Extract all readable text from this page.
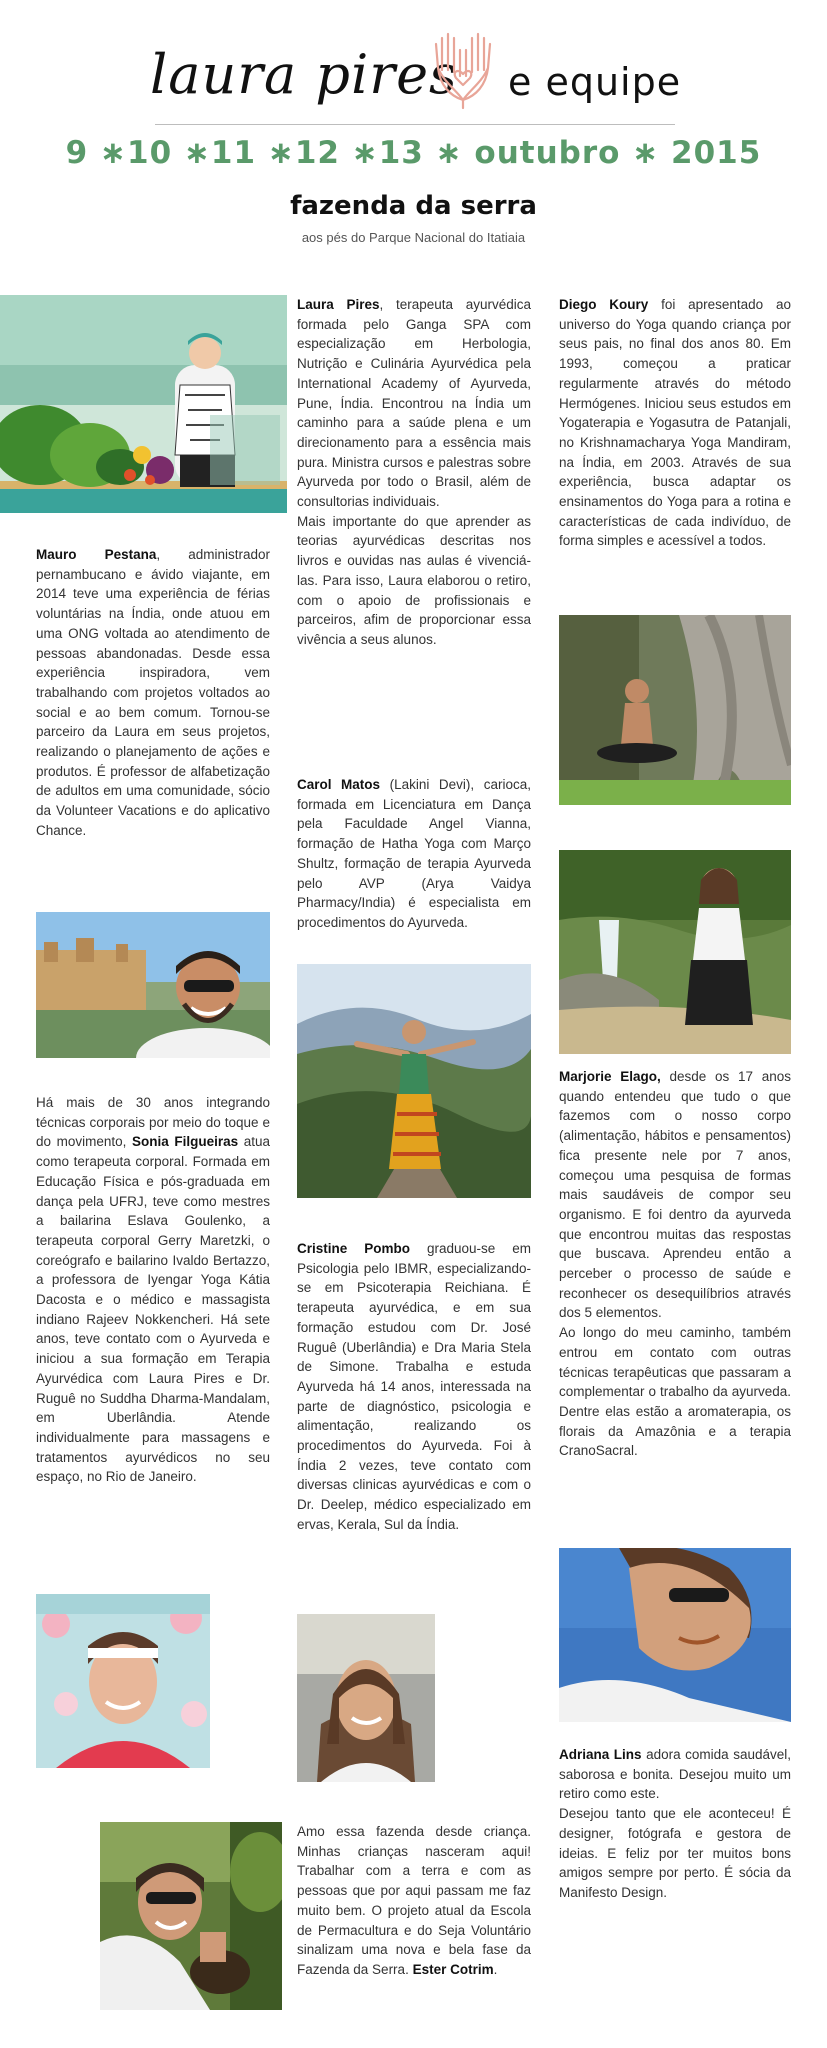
laura pires e equipe
9 ∗10 ∗11 ∗12 ∗13 ∗ outubro ∗ 2015
fazenda da serra
aos pés do Parque Nacional do Itatiaia

Mauro Pestana, administrador pernambucano e ávido viajante, em 2014 teve uma experiência de férias voluntárias na Índia, onde atuou em uma ONG voltada ao atendimento de pessoas abandonadas. Desde essa experiência inspiradora, vem trabalhando com projetos voltados ao social e ao bem comum. Tornou-se parceiro da Laura em seus projetos, realizando o planejamento de ações e produtos. É professor de alfabetização de adultos em uma comunidade, sócio da Volunteer Vacations e do aplicativo Chance.

Há mais de 30 anos integrando técnicas corporais por meio do toque e do movimento, Sonia Filgueiras atua como terapeuta corporal. Formada em Educação Física e pós-graduada em dança pela UFRJ, teve como mestres a bailarina Eslava Goulenko, a terapeuta corporal Gerry Maretzki, o coreógrafo e bailarino Ivaldo Bertazzo, a professora de Iyengar Yoga Kátia Dacosta e o médico e massagista indiano Rajeev Nokkencheri. Há sete anos, teve contato com o Ayurveda e iniciou a sua formação em Terapia Ayurvédica com Laura Pires e Dr. Ruguê no Suddha Dharma-Mandalam, em Uberlândia. Atende individualmente para massagens e tratamentos ayurvédicos no seu espaço, no Rio de Janeiro.

Laura Pires, terapeuta ayurvédica formada pelo Ganga SPA com especialização em Herbologia, Nutrição e Culinária Ayurvédica pela International Academy of Ayurveda, Pune, Índia. Encontrou na Índia um caminho para a saúde plena e um direcionamento para a essência mais pura. Ministra cursos e palestras sobre Ayurveda por todo o Brasil, além de consultorias individuais.

Mais importante do que aprender as teorias ayurvédicas descritas nos livros e ouvidas nas aulas é vivenciá-las. Para isso, Laura elaborou o retiro, com o apoio de profissionais e parceiros, afim de proporcionar essa vivência a seus alunos.

Carol Matos (Lakini Devi), carioca, formada em Licenciatura em Dança pela Faculdade Angel Vianna, formação de Hatha Yoga com Março Shultz, formação de terapia Ayurveda pelo AVP (Arya Vaidya Pharmacy/India) é especialista em procedimentos do Ayurveda.

Cristine Pombo graduou-se em Psicologia pelo IBMR, especializando-se em Psicoterapia Reichiana. É terapeuta ayurvédica, e em sua formação estudou com Dr. José Ruguê (Uberlândia) e Dra Maria Stela de Simone. Trabalha e estuda Ayurveda há 14 anos, interessada na parte de diagnóstico, psicologia e alimentação, realizando os procedimentos do Ayurveda. Foi à Índia 2 vezes, teve contato com diversas clinicas ayurvédicas e com o Dr. Deelep, médico especializado em ervas, Kerala, Sul da Índia.

Amo essa fazenda desde criança. Minhas crianças nasceram aqui! Trabalhar com a terra e com as pessoas que por aqui passam me faz muito bem. O projeto atual da Escola de Permacultura e do Seja Voluntário sinalizam uma nova e bela fase da Fazenda da Serra. Ester Cotrim.

Diego Koury foi apresentado ao universo do Yoga quando criança por seus pais, no final dos anos 80. Em 1993, começou a praticar regularmente através do método Hermógenes. Iniciou seus estudos em Yogaterapia e Yogasutra de Patanjali, no Krishnamacharya Yoga Mandiram, na Índia, em 2003. Através de sua experiência, busca adaptar os ensinamentos do Yoga para a rotina e características de cada indivíduo, de forma simples e acessível a todos.

Marjorie Elago, desde os 17 anos quando entendeu que tudo o que fazemos com o nosso corpo (alimentação, hábitos e pensamentos) fica presente nele por 7 anos, começou uma pesquisa de formas mais saudáveis de compor seu organismo. E foi dentro da ayurveda que encontrou muitas das respostas que buscava. Aprendeu então a perceber o processo de saúde e reconhecer os desequilíbrios através dos 5 elementos.

Ao longo do meu caminho, também entrou em contato com outras técnicas terapêuticas que passaram a complementar o trabalho da ayurveda. Dentre elas estão a aromaterapia, os florais da Amazônia e a terapia CranoSacral.

Adriana Lins adora comida saudável, saborosa e bonita. Desejou muito um retiro como este.

Desejou tanto que ele aconteceu! É designer, fotógrafa e gestora de ideias. E feliz por ter muitos bons amigos sempre por perto. É sócia da Manifesto Design.
